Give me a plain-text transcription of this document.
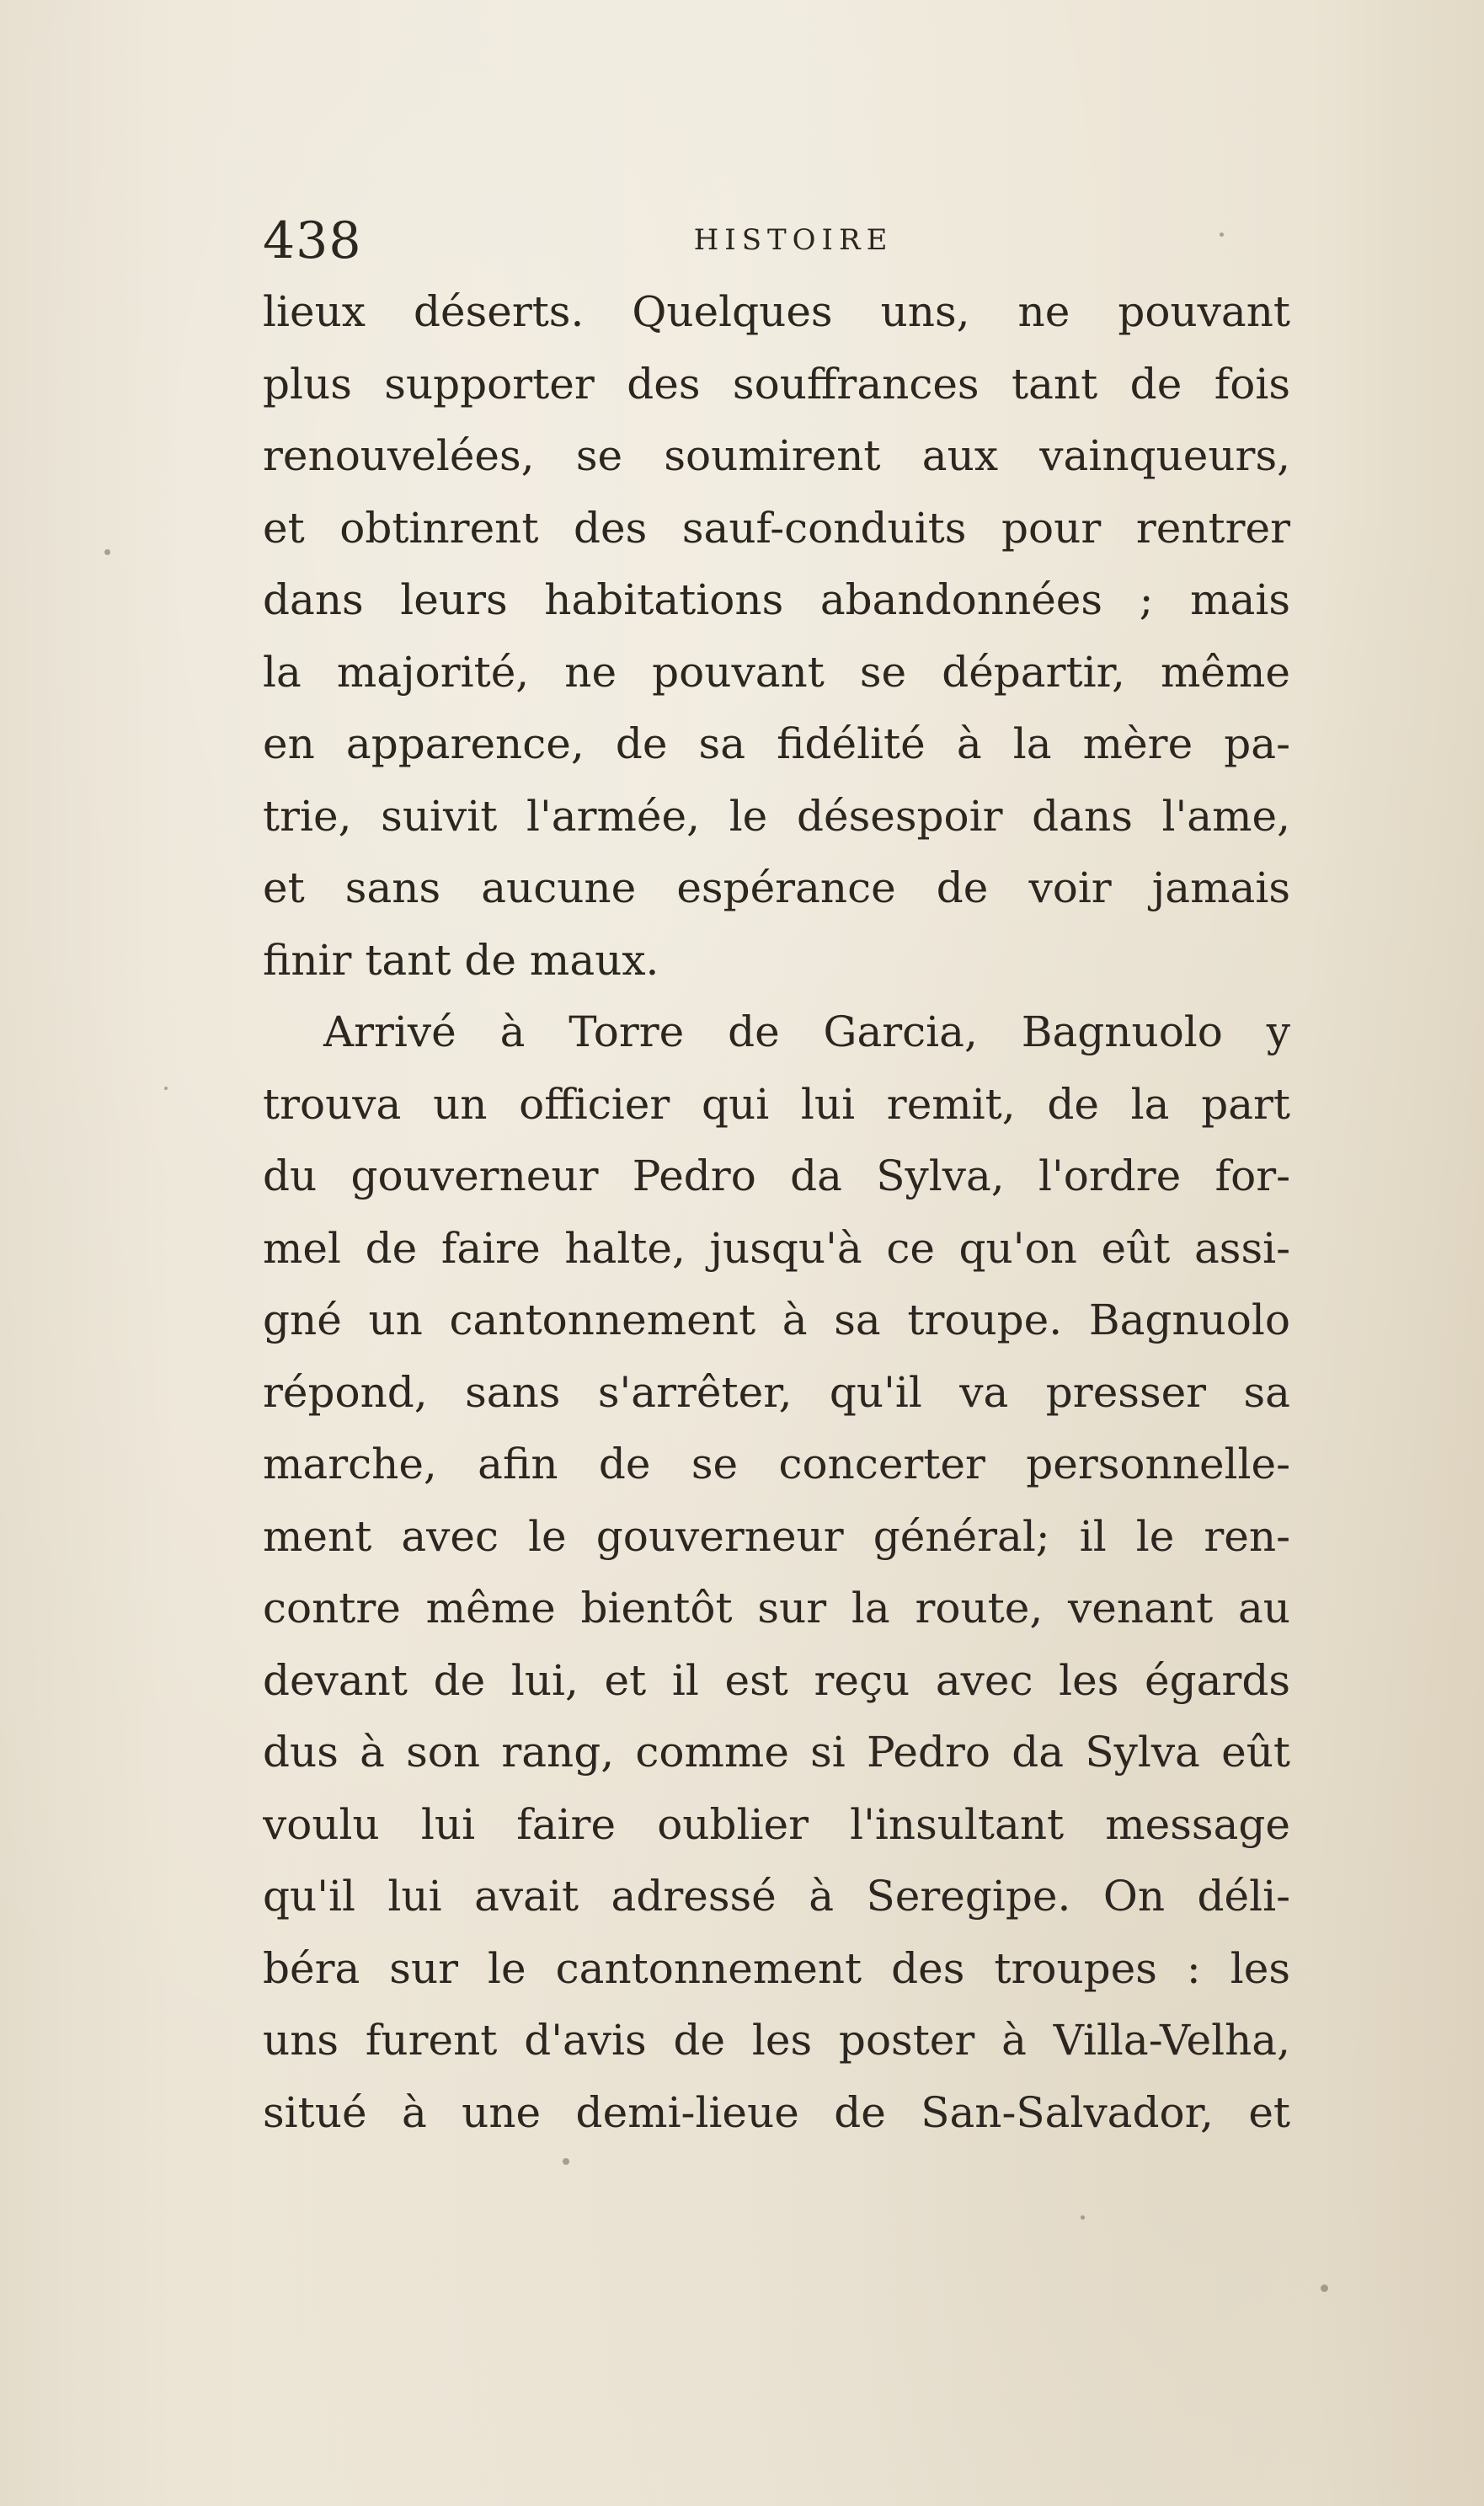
438	HISTOIRE
lieux déserts. Quelques uns, ne pouvant
plus supporter des souffrances tant de fois
renouvelées, se soumirent aux vainqueurs,
et obtinrent des sauf-conduits pour rentrer
dans leurs habitations abandonnées ; mais
la majorité, ne pouvant se départir, même
en apparence, de sa fidélité à la mère pa-
trie, suivit l'armée, le désespoir dans l'ame,
et sans aucune espérance de voir jamais
finir tant de maux.
Arrivé à Torre de Garcia, Bagnuolo y
trouva un officier qui lui remit, de la part
du gouverneur Pedro da Sylva, l'ordre for-
mel de faire halte, jusqu'à ce qu'on eût assi-
gné un cantonnement à sa troupe. Bagnuolo
répond, sans s'arrêter, qu'il va presser sa
marche, afin de se concerter personnelle-
ment avec le gouverneur général; il le ren-
contre même bientôt sur la route, venant au
devant de lui, et il est reçu avec les égards
dus à son rang, comme si Pedro da Sylva eût
voulu lui faire oublier l'insultant message
qu'il lui avait adressé à Seregipe. On déli-
béra sur le cantonnement des troupes : les
uns furent d'avis de les poster à Villa-Velha,
situé à une demi-lieue de San-Salvador, et
